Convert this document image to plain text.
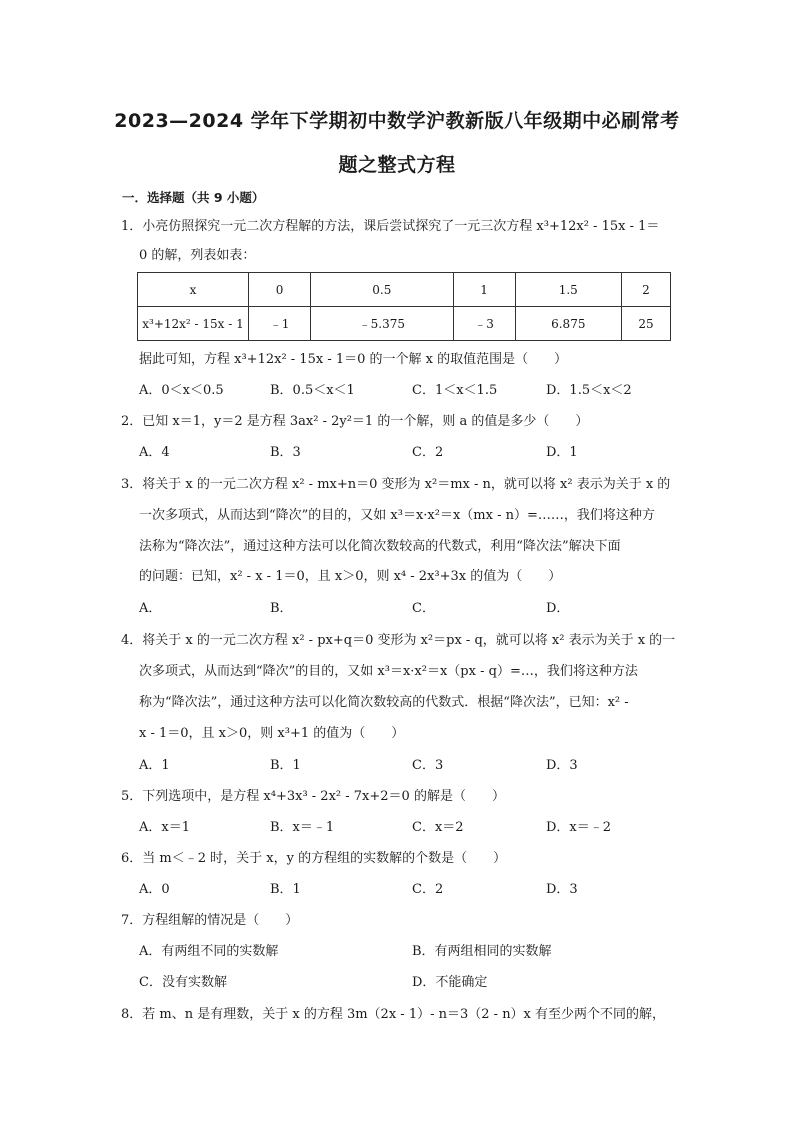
2023—2024 学年下学期初中数学沪教新版八年级期中必刷常考
题之整式方程
一．选择题（共 9 小题）
1．小亮仿照探究一元二次方程解的方法，课后尝试探究了一元三次方程 x³+12x² - 15x - 1＝
0 的解，列表如表：
x	0	0.5	1	1.5	2
x³+12x² - 15x - 1	﹣1	﹣5.375	﹣3	6.875	25
据此可知，方程 x³+12x² - 15x - 1＝0 的一个解 x 的取值范围是（　　）
A．0＜x＜0.5	B．0.5＜x＜1	C．1＜x＜1.5	D．1.5＜x＜2
2．已知 x＝1，y＝2 是方程 3ax² - 2y²＝1 的一个解，则 a 的值是多少（　　）
A．4	B．3	C．2	D．1
3．将关于 x 的一元二次方程 x² - mx+n＝0 变形为 x²＝mx - n，就可以将 x² 表示为关于 x 的
一次多项式，从而达到“降次”的目的，又如 x³＝x·x²＝x（mx - n）=……，我们将这种方
法称为“降次法”，通过这种方法可以化简次数较高的代数式，利用“降次法”解决下面
的问题：已知，x² - x - 1＝0，且 x＞0，则 x⁴ - 2x³+3x 的值为（　　）
A．	B．	C．	D．
4．将关于 x 的一元二次方程 x² - px+q＝0 变形为 x²＝px - q，就可以将 x² 表示为关于 x 的一
次多项式，从而达到“降次”的目的，又如 x³＝x·x²＝x（px - q）=…，我们将这种方法
称为“降次法”，通过这种方法可以化简次数较高的代数式．根据“降次法”，已知：x² -
x - 1＝0，且 x＞0，则 x³+1 的值为（　　）
A．1	B．1	C．3	D．3
5．下列选项中，是方程 x⁴+3x³ - 2x² - 7x+2＝0 的解是（　　）
A．x＝1	B．x＝﹣1	C．x＝2	D．x＝﹣2
6．当 m＜﹣2 时，关于 x，y 的方程组的实数解的个数是（　　）
A．0	B．1	C．2	D．3
7．方程组解的情况是（　　）
A．有两组不同的实数解	B．有两组相同的实数解
C．没有实数解	D．不能确定
8．若 m、n 是有理数，关于 x 的方程 3m（2x - 1）- n＝3（2 - n）x 有至少两个不同的解，
